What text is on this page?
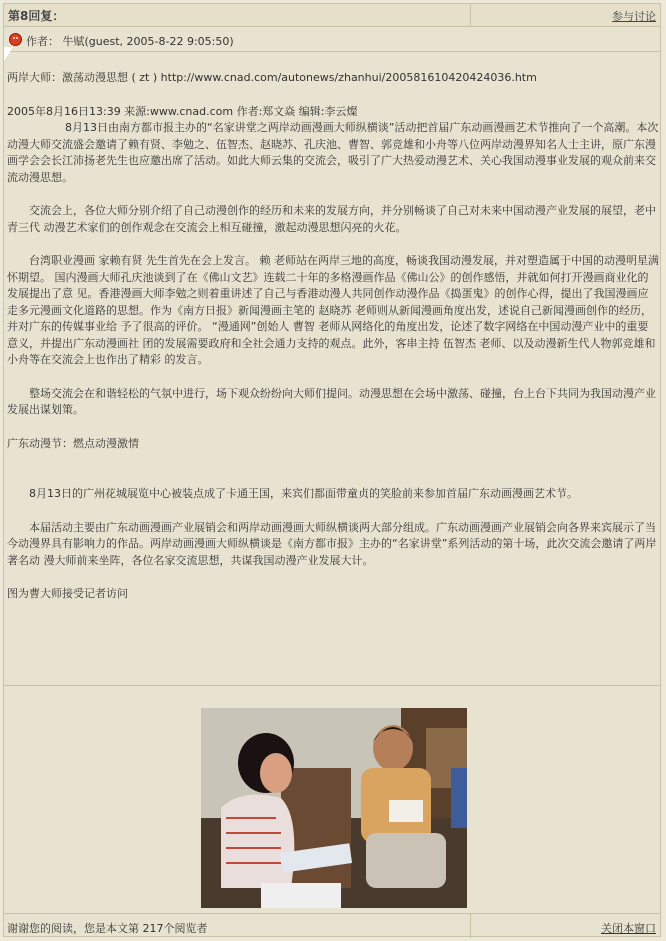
第8回复：	参与讨论
作者： 牛赋(guest, 2005-8-22 9:05:50)

两岸大师：激荡动漫思想 ( zt ) http://www.cnad.com/autonews/zhanhui/200581610420424036.htm

2005年8月16日13:39 来源:www.cnad.com 作者:郑文焱 编辑:李云燦

8月13日由南方都市报主办的“名家讲堂之两岸动画漫画大师纵横谈”活动把首届广东动画漫画艺术节推向了一个高潮。本次动漫大师交流盛会邀请了赖有贤、李勉之、伍智杰、赵晓苏、孔庆池、曹智、郭竞雄和小舟等八位两岸动漫界知名人士主讲，原广东漫画学会会长江沛扬老先生也应邀出席了活动。如此大师云集的交流会，吸引了广大热爱动漫艺术、关心我国动漫事业发展的观众前来交流动漫思想。

交流会上，各位大师分别介绍了自己动漫创作的经历和未来的发展方向，并分别畅谈了自己对未来中国动漫产业发展的展望，老中青三代 动漫艺术家们的创作观念在交流会上相互碰撞，激起动漫思想闪亮的火花。

台湾职业漫画 家赖有贤 先生首先在会上发言。 赖 老师站在两岸三地的高度，畅谈我国动漫发展，并对塑造属于中国的动漫明星满怀期望。 国内漫画大师孔庆池谈到了在《佛山文艺》连载二十年的多格漫画作品《佛山公》的创作感悟，并就如何打开漫画商业化的发展提出了意 见。香港漫画大师李勉之则着重讲述了自己与香港动漫人共同创作动漫作品《捣蛋鬼》的创作心得，提出了我国漫画应走多元漫画文化道路的思想。作为《南方日报》新闻漫画主笔的 赵晓苏 老师则从新闻漫画角度出发，述说自己新闻漫画创作的经历，并对广东的传媒事业给 予了很高的评价。 “漫通网”创始人 曹智 老师从网络化的角度出发，论述了数字网络在中国动漫产业中的重要意义，并提出广东动漫画社 团的发展需要政府和全社会通力支持的观点。此外，客串主持 伍智杰 老师、以及动漫新生代人物郭竞雄和小舟等在交流会上也作出了精彩 的发言。

整场交流会在和谐轻松的气氛中进行，场下观众纷纷向大师们提问。动漫思想在会场中激荡、碰撞，台上台下共同为我国动漫产业发展出谋划策。

广东动漫节：燃点动漫激情

8月13日的广州花城展览中心被装点成了卡通王国，来宾们都面带童贞的笑脸前来参加首届广东动画漫画艺术节。

本届活动主要由广东动画漫画产业展销会和两岸动画漫画大师纵横谈两大部分组成。广东动画漫画产业展销会向各界来宾展示了当今动漫界具有影响力的作品。两岸动画漫画大师纵横谈是《南方都市报》主办的“名家讲堂”系列活动的第十场，此次交流会邀请了两岸著名动 漫大师前来坐阵，各位名家交流思想，共谋我国动漫产业发展大计。

图为曹大师接受记者访问

谢谢您的阅读，您是本文第 217个阅览者	关闭本窗口
